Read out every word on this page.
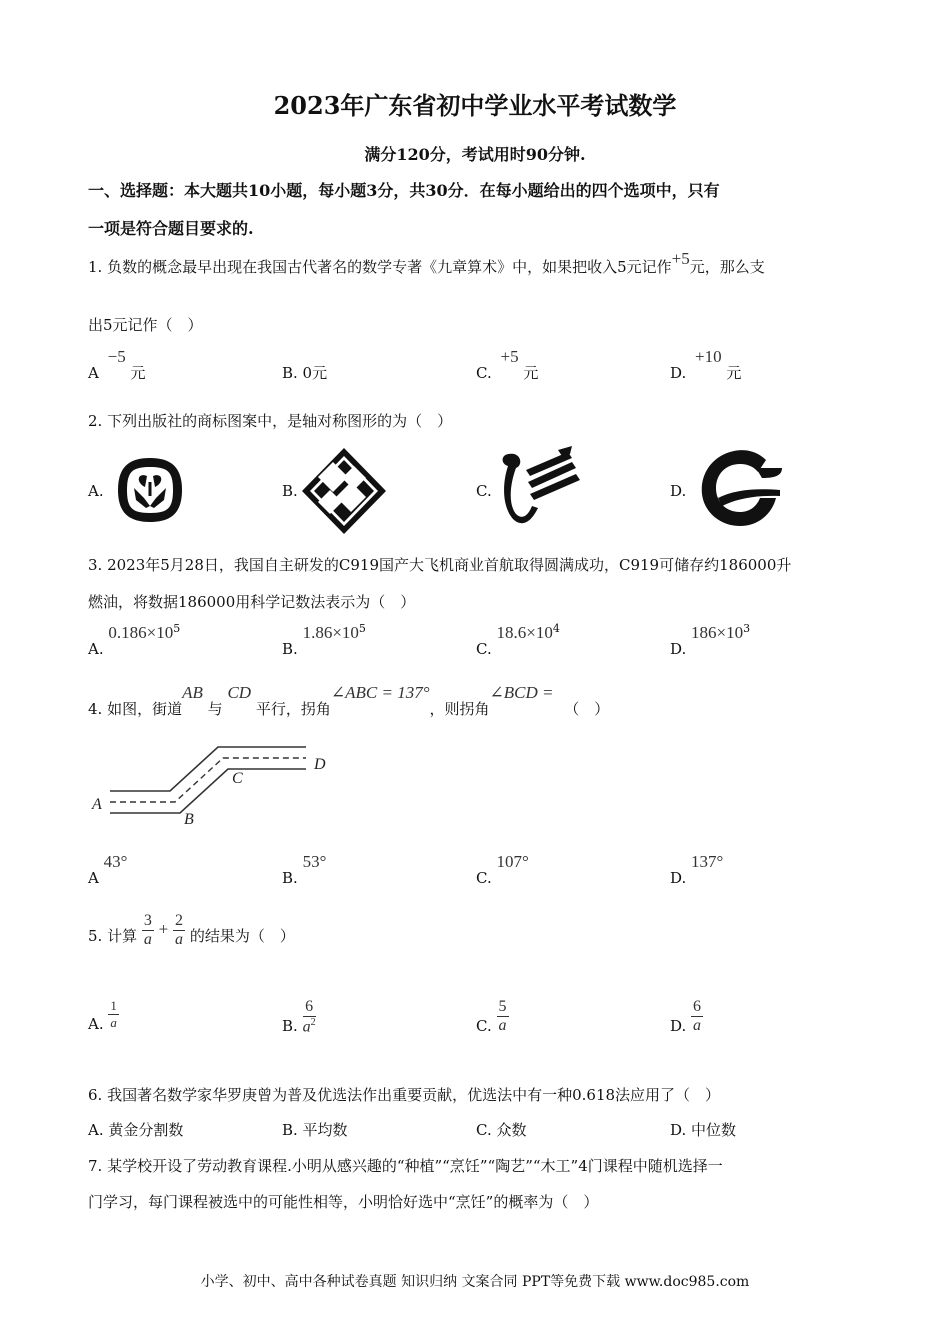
2023年广东省初中学业水平考试数学
满分120分，考试用时90分钟.
一、选择题：本大题共10小题，每小题3分，共30分．在每小题给出的四个选项中，只有
一项是符合题目要求的.
1. 负数的概念最早出现在我国古代著名的数学专著《九章算术》中，如果把收入5元记作+5元，那么支
出5元记作（　）
A −5 元	B. 0元	C. +5 元	D. +10 元
2. 下列出版社的商标图案中，是轴对称图形的为（　）
A.	B.	C.	D.
3. 2023年5月28日，我国自主研发的C919国产大飞机商业首航取得圆满成功，C919可储存约186000升
燃油，将数据186000用科学记数法表示为（　）
A. $0.186\times 10^5$
B. $1.86\times 10^5$
C. $18.6\times 10^4$
D. $186\times 10^3$
4. 如图，街道AB 与 CD 平行，拐角∠ABC = 137°，则拐角∠BCD = （　）
A
B
C
D
A 43°
B. 53°
C. 107°
D. 137°
5. 计算 $\frac{3}{a} + \frac{2}{a}$ 的结果为（　）
A. $\frac{1}{a}$	B. $\frac{6}{a^2}$	C. $\frac{5}{a}$	D. $\frac{6}{a}$
6. 我国著名数学家华罗庚曾为普及优选法作出重要贡献，优选法中有一种0.618法应用了（　）
A. 黄金分割数	B. 平均数	C. 众数	D. 中位数
7. 某学校开设了劳动教育课程.小明从感兴趣的“种植”“烹饪”“陶艺”“木工”4门课程中随机选择一
门学习，每门课程被选中的可能性相等，小明恰好选中“烹饪”的概率为（　）
小学、初中、高中各种试卷真题 知识归纳 文案合同 PPT等免费下载 www.doc985.com
